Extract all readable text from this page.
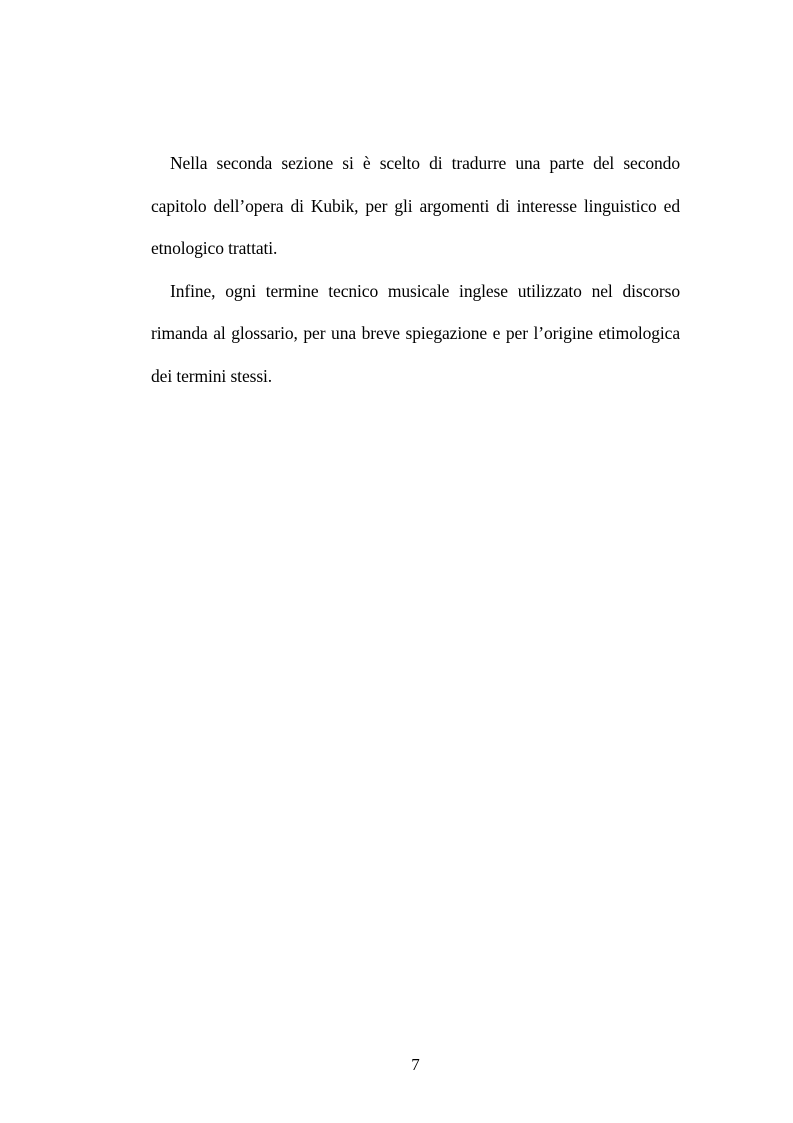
Nella seconda sezione si è scelto di tradurre una parte del secondo capitolo dell’opera di Kubik, per gli argomenti di interesse linguistico ed etnologico trattati.

Infine, ogni termine tecnico musicale inglese utilizzato nel discorso rimanda al glossario, per una breve spiegazione e per l’origine etimologica dei termini stessi.

7
